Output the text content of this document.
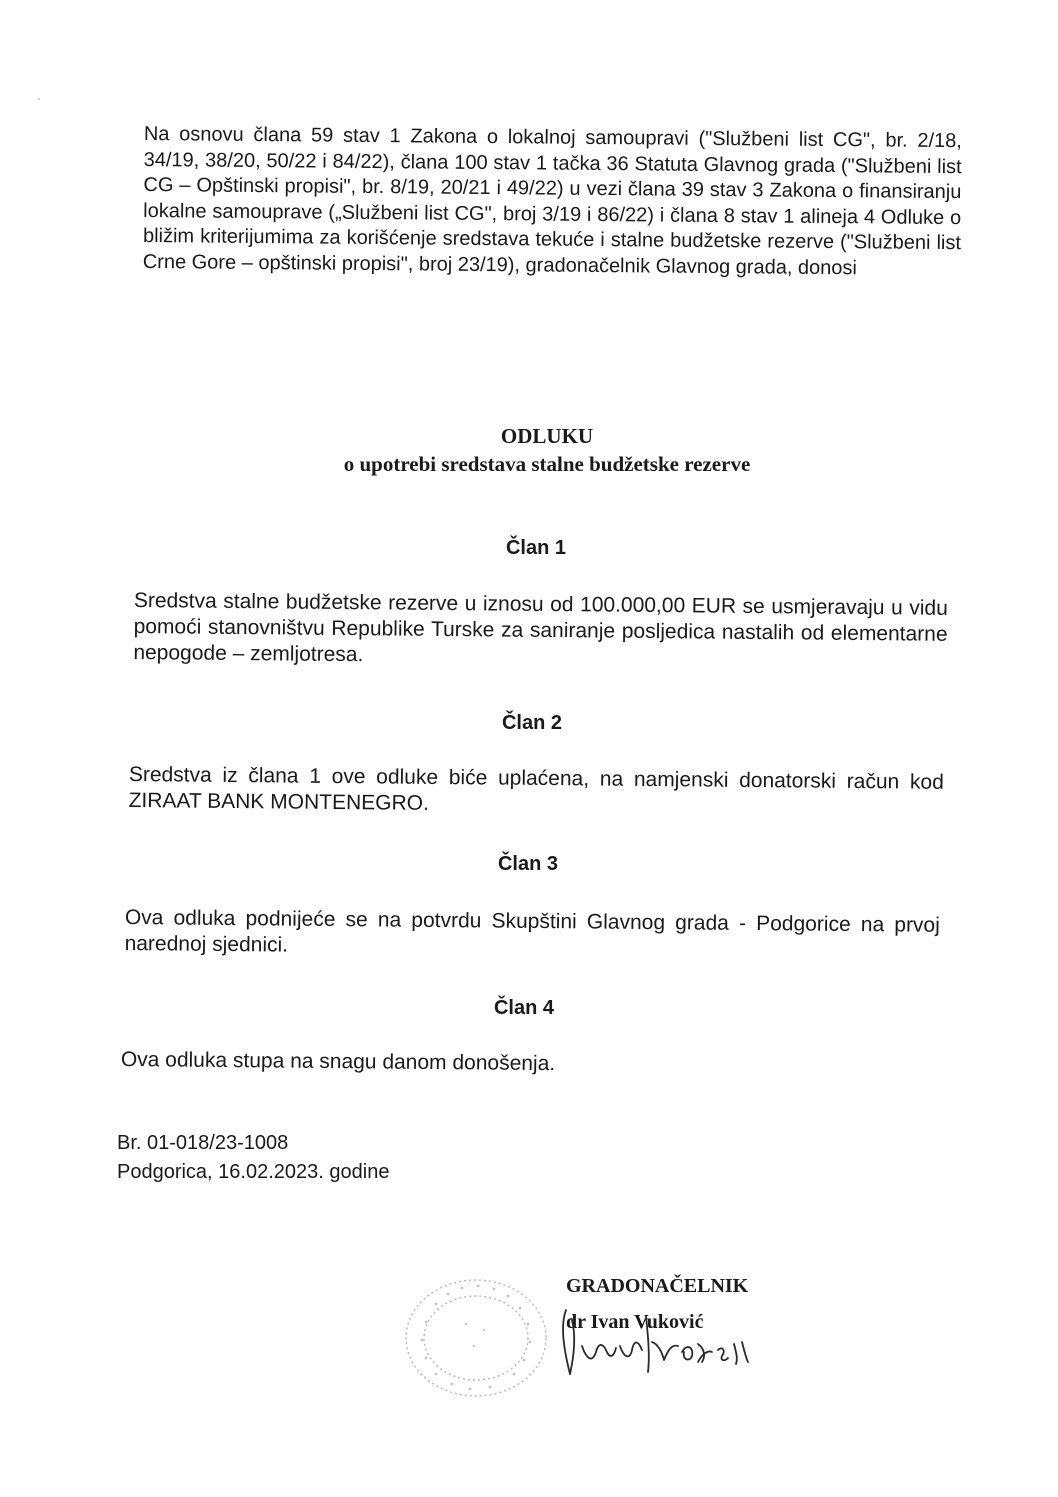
Na osnovu člana 59 stav 1 Zakona o lokalnoj samoupravi ("Službeni list CG", br. 2/18, 34/19, 38/20, 50/22 i 84/22), člana 100 stav 1 tačka 36 Statuta Glavnog grada ("Službeni list CG – Opštinski propisi", br. 8/19, 20/21 i 49/22) u vezi člana 39 stav 3 Zakona o finansiranju lokalne samouprave („Službeni list CG", broj 3/19 i 86/22) i člana 8 stav 1 alineja 4 Odluke o bližim kriterijumima za korišćenje sredstava tekuće i stalne budžetske rezerve ("Službeni list Crne Gore – opštinski propisi", broj 23/19), gradonačelnik Glavnog grada, donosi
ODLUKU
o upotrebi sredstava stalne budžetske rezerve
Član 1
Sredstva stalne budžetske rezerve u iznosu od 100.000,00 EUR se usmjeravaju u vidu pomoći stanovništvu Republike Turske za saniranje posljedica nastalih od elementarne nepogode – zemljotresa.
Član 2
Sredstva iz člana 1 ove odluke biće uplaćena, na namjenski donatorski račun kod ZIRAAT BANK MONTENEGRO.
Član 3
Ova odluka podnijeće se na potvrdu Skupštini Glavnog grada - Podgorice na prvoj narednoj sjednici.
Član 4
Ova odluka stupa na snagu danom donošenja.
Br. 01-018/23-1008
Podgorica, 16.02.2023. godine
GRADONAČELNIK
dr Ivan Vuković
